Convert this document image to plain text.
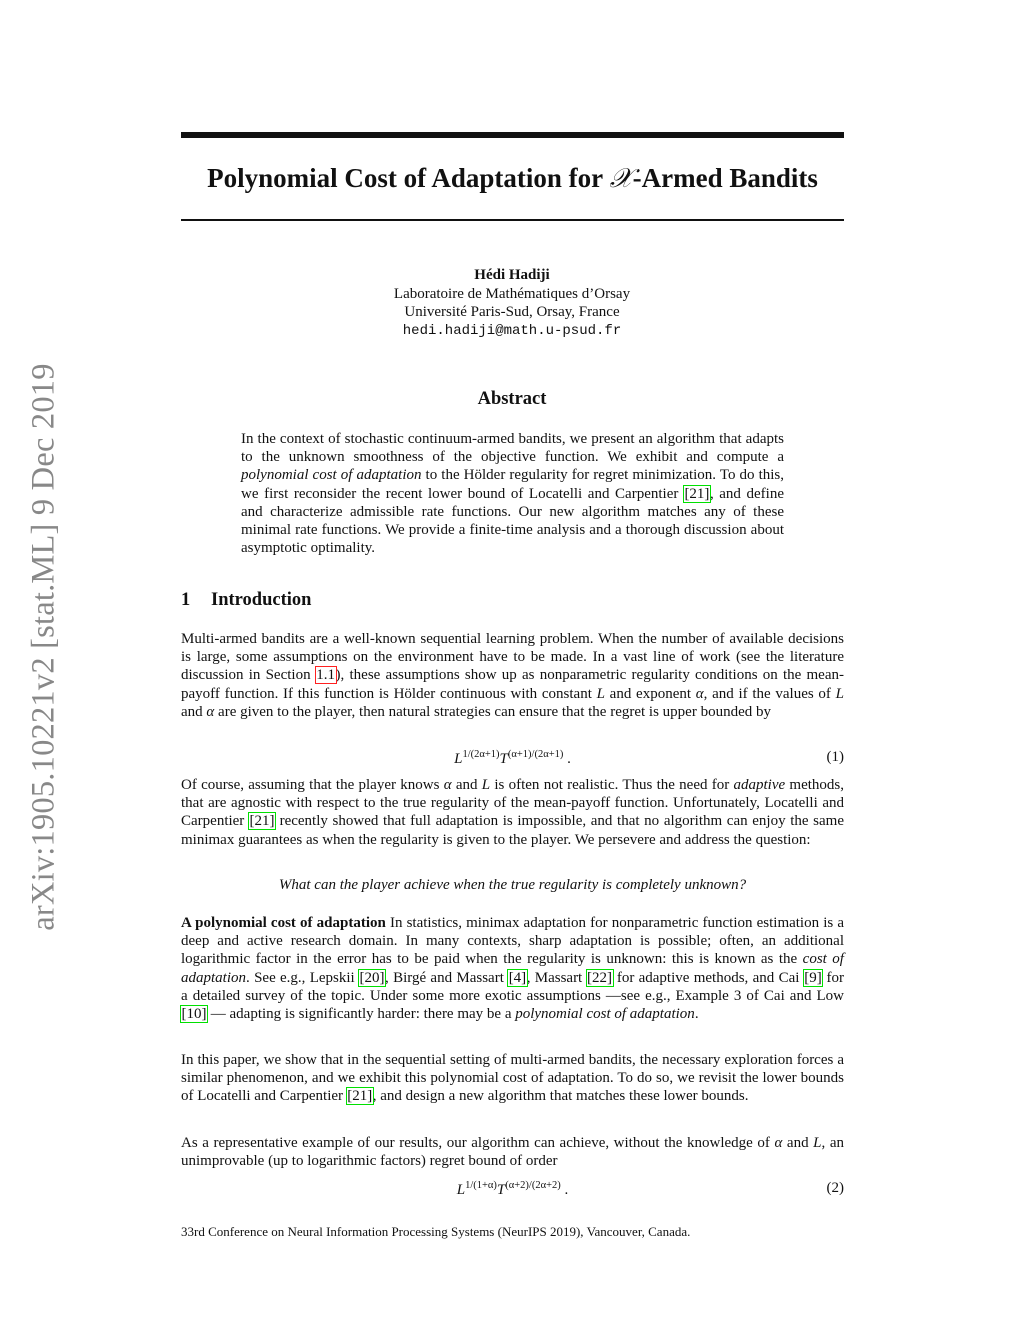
arXiv:1905.10221v2 [stat.ML] 9 Dec 2019
Polynomial Cost of Adaptation for 𝒳-Armed Bandits
Hédi Hadiji
Laboratoire de Mathématiques d’Orsay
Université Paris-Sud, Orsay, France
hedi.hadiji@math.u-psud.fr
Abstract
In the context of stochastic continuum-armed bandits, we present an algorithm that adapts to the unknown smoothness of the objective function. We exhibit and compute a polynomial cost of adaptation to the Hölder regularity for regret minimization. To do this, we first reconsider the recent lower bound of Locatelli and Carpentier [21], and define and characterize admissible rate functions. Our new algorithm matches any of these minimal rate functions. We provide a finite-time analysis and a thorough discussion about asymptotic optimality.
1 Introduction

Multi-armed bandits are a well-known sequential learning problem. When the number of available decisions is large, some assumptions on the environment have to be made. In a vast line of work (see the literature discussion in Section 1.1), these assumptions show up as nonparametric regularity conditions on the mean-payoff function. If this function is Hölder continuous with constant L and exponent α, and if the values of L and α are given to the player, then natural strategies can ensure that the regret is upper bounded by

$L^{1/(2\alpha+1)}T^{(\alpha+1)/(2\alpha+1)}$ .	(1)

Of course, assuming that the player knows α and L is often not realistic. Thus the need for adaptive methods, that are agnostic with respect to the true regularity of the mean-payoff function. Unfortunately, Locatelli and Carpentier [21] recently showed that full adaptation is impossible, and that no algorithm can enjoy the same minimax guarantees as when the regularity is given to the player. We persevere and address the question:

What can the player achieve when the true regularity is completely unknown?

A polynomial cost of adaptation In statistics, minimax adaptation for nonparametric function estimation is a deep and active research domain. In many contexts, sharp adaptation is possible; often, an additional logarithmic factor in the error has to be paid when the regularity is unknown: this is known as the cost of adaptation. See e.g., Lepskii [20], Birgé and Massart [4], Massart [22] for adaptive methods, and Cai [9] for a detailed survey of the topic. Under some more exotic assumptions —see e.g., Example 3 of Cai and Low [10] — adapting is significantly harder: there may be a polynomial cost of adaptation.

In this paper, we show that in the sequential setting of multi-armed bandits, the necessary exploration forces a similar phenomenon, and we exhibit this polynomial cost of adaptation. To do so, we revisit the lower bounds of Locatelli and Carpentier [21], and design a new algorithm that matches these lower bounds.

As a representative example of our results, our algorithm can achieve, without the knowledge of α and L, an unimprovable (up to logarithmic factors) regret bound of order

$L^{1/(1+\alpha)}T^{(\alpha+2)/(2\alpha+2)}$ .	(2)
33rd Conference on Neural Information Processing Systems (NeurIPS 2019), Vancouver, Canada.
